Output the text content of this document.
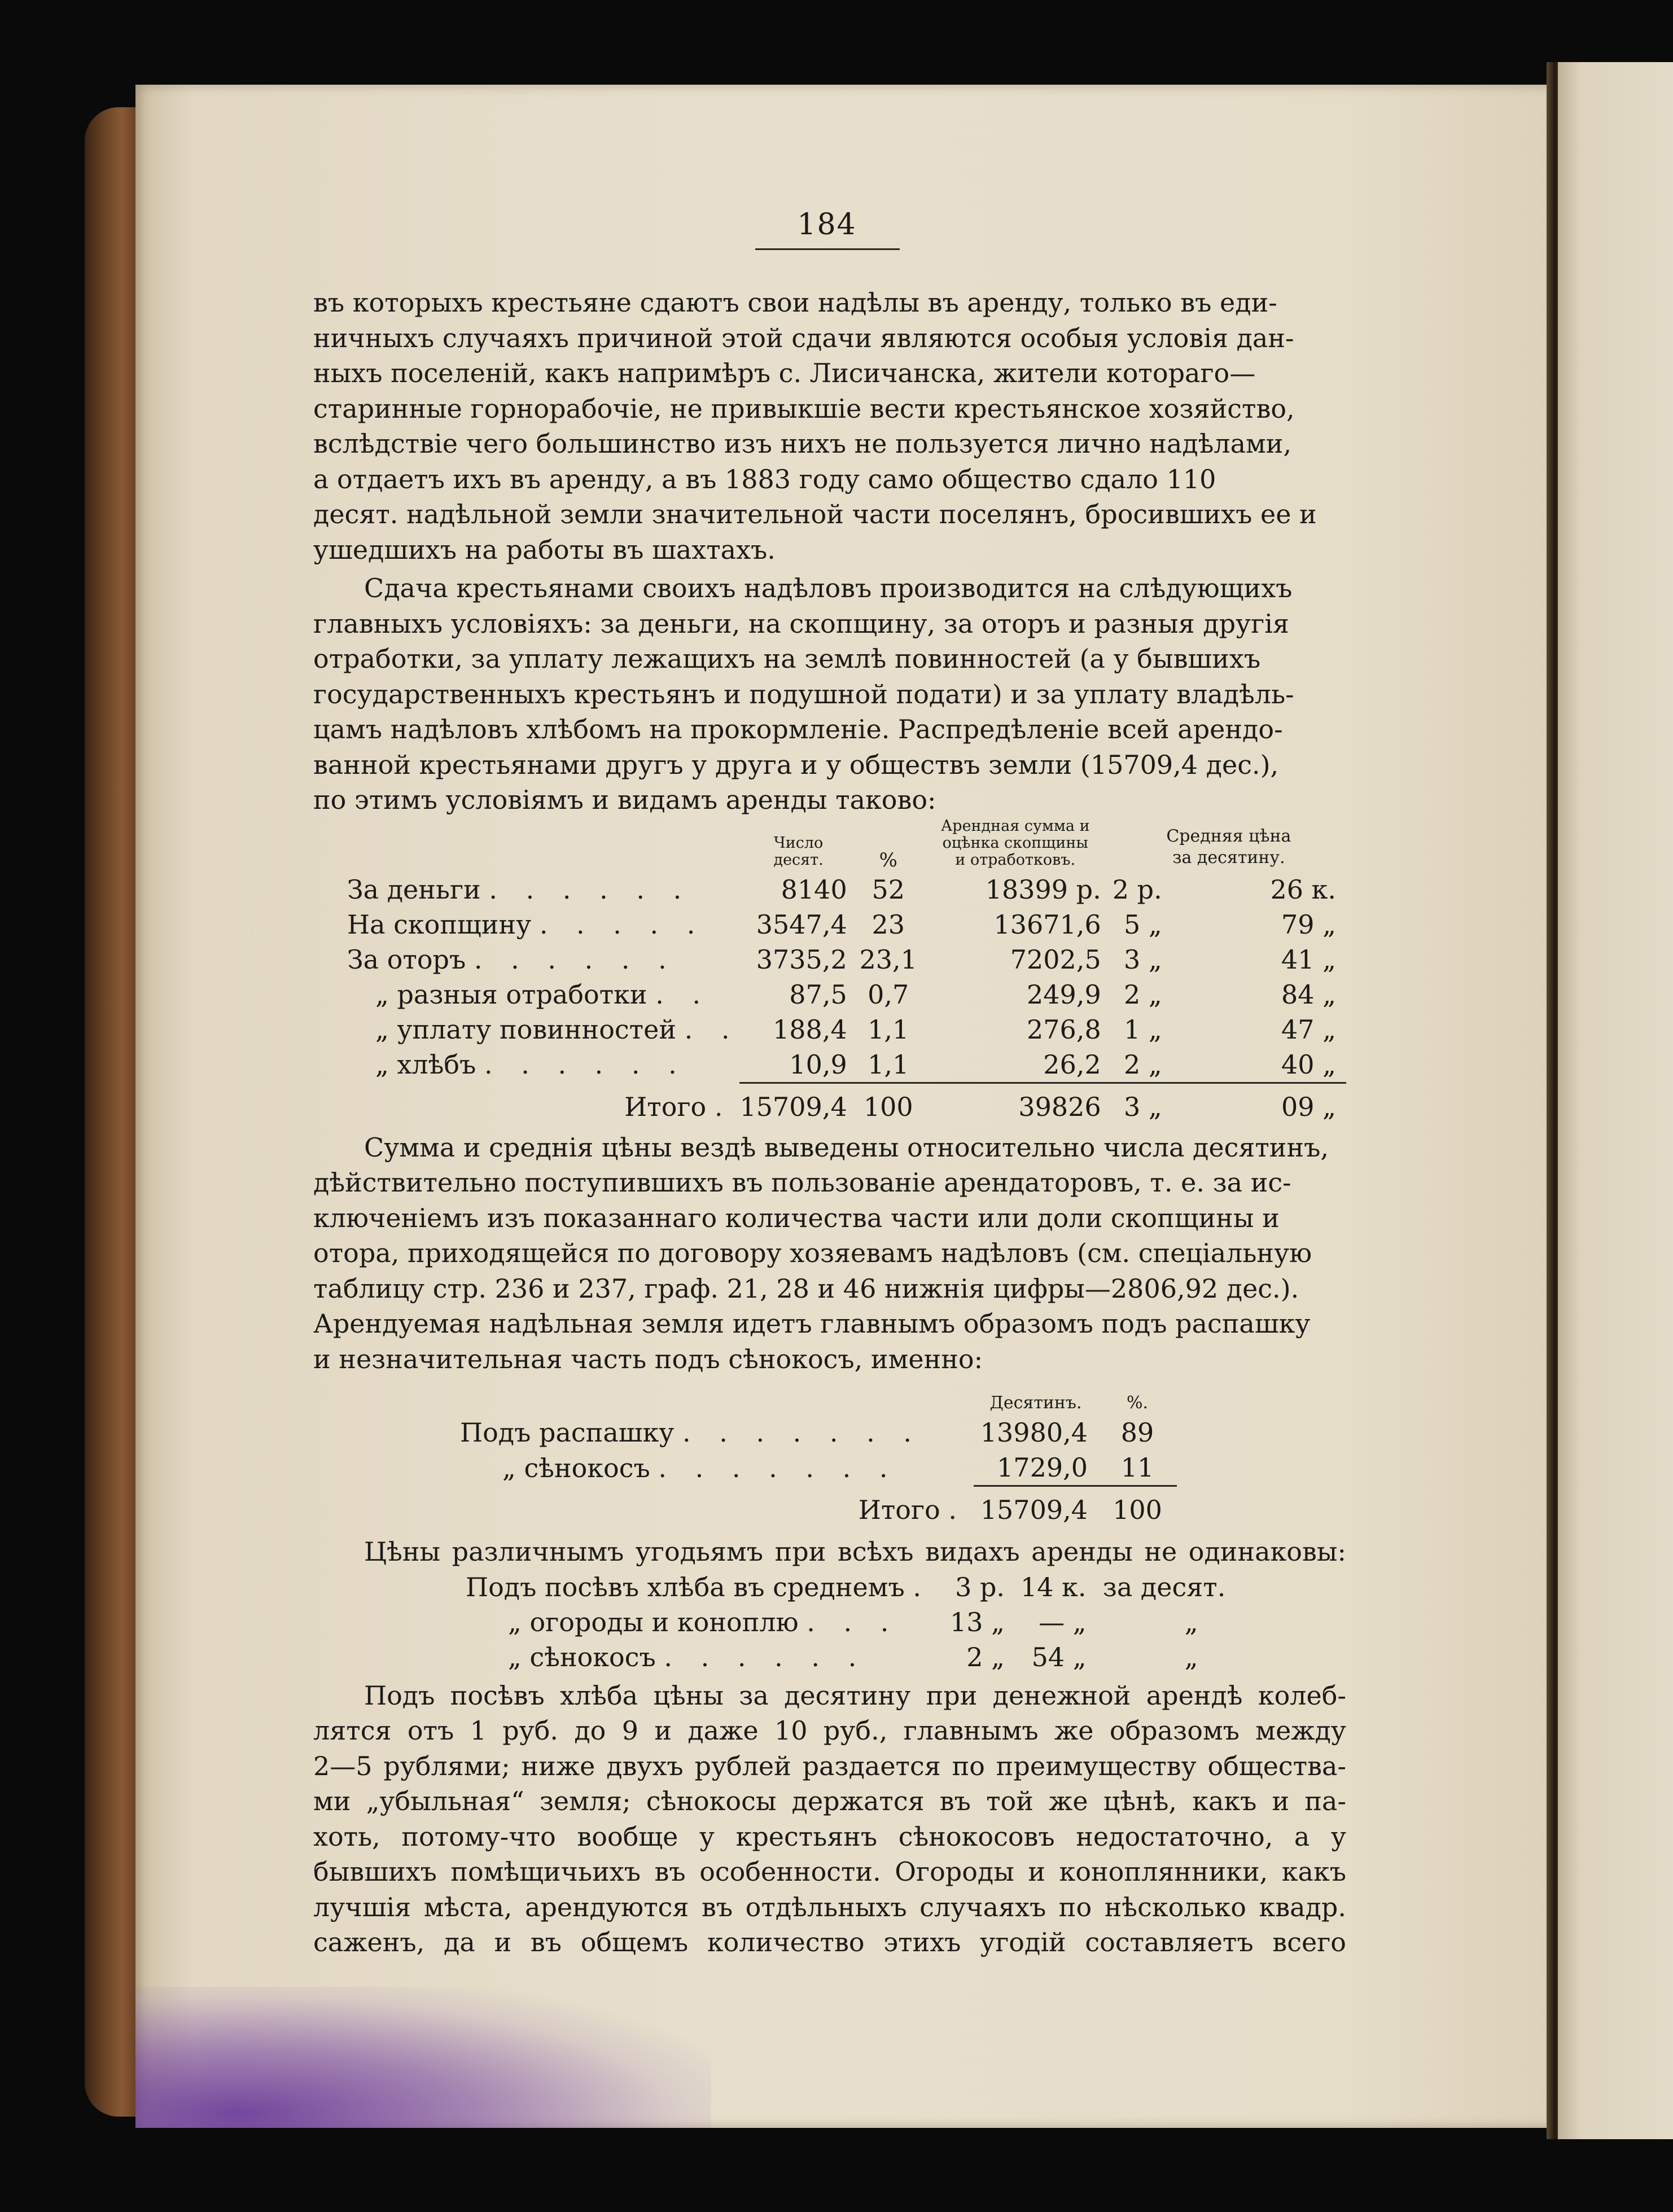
184

въ которыхъ крестьяне сдаютъ свои надѣлы въ аренду, только въ еди-
ничныхъ случаяхъ причиной этой сдачи являются особыя условія дан-
ныхъ поселеній, какъ напримѣръ с. Лисичанска, жители котораго—
старинные горнорабочіе, не привыкшіе вести крестьянское хозяйство,
вслѣдствіе чего большинство изъ нихъ не пользуется лично надѣлами,
а отдаетъ ихъ въ аренду, а въ 1883 году само общество сдало 110
десят. надѣльной земли значительной части поселянъ, бросившихъ ее и
ушедшихъ на работы въ шахтахъ.

Сдача крестьянами своихъ надѣловъ производится на слѣдующихъ
главныхъ условіяхъ: за деньги, на скопщину, за оторъ и разныя другія
отработки, за уплату лежащихъ на землѣ повинностей (а у бывшихъ
государственныхъ крестьянъ и подушной подати) и за уплату владѣль-
цамъ надѣловъ хлѣбомъ на прокормленіе. Распредѣленіе всей арендо-
ванной крестьянами другъ у друга и у обществъ земли (15709,4 дес.),
по этимъ условіямъ и видамъ аренды таково:

	Число
десят.	%	Арендная сумма и
оцѣнка скопщины
и отработковъ.	Средняя цѣна
за десятину.	
За деньги . . . . . .	8140	52	18399 р.	2 р.	26 к.
На скопщину . . . . .	3547,4	23	13671,6	5 „	79 „
За оторъ . . . . . .	3735,2	23,1	7202,5	3 „	41 „
„ разныя отработки . .	87,5	0,7	249,9	2 „	84 „
„ уплату повинностей . .	188,4	1,1	276,8	1 „	47 „
„ хлѣбъ . . . . . .	10,9	1,1	26,2	2 „	40 „

Итого .	15709,4	100	39826	3 „	09 „

Сумма и среднія цѣны вездѣ выведены относительно числа десятинъ,
дѣйствительно поступившихъ въ пользованіе арендаторовъ, т. е. за ис-
ключеніемъ изъ показаннаго количества части или доли скопщины и
отора, приходящейся по договору хозяевамъ надѣловъ (см. спеціальную
таблицу стр. 236 и 237, граф. 21, 28 и 46 нижнія цифры—2806,92 дес.).
Арендуемая надѣльная земля идетъ главнымъ образомъ подъ распашку
и незначительная часть подъ сѣнокосъ, именно:

	Десятинъ.	%.
Подъ распашку . . . . . . .	13980,4	89
„ сѣнокосъ . . . . . . .	1729,0	11

Итого .	15709,4	100

Цѣны различнымъ угодьямъ при всѣхъ видахъ аренды не одинаковы:

Подъ посѣвъ хлѣба въ среднемъ .	3 р.	14 к.	за десят.
„ огороды и коноплю . . .	13 „	— „	„
„ сѣнокосъ . . . . . .	2 „	54 „	„

Подъ посѣвъ хлѣба цѣны за десятину при денежной арендѣ колеб-
лятся отъ 1 руб. до 9 и даже 10 руб., главнымъ же образомъ между
2—5 рублями; ниже двухъ рублей раздается по преимуществу общества-
ми „убыльная“ земля; сѣнокосы держатся въ той же цѣнѣ, какъ и па-
хоть, потому-что вообще у крестьянъ сѣнокосовъ недостаточно, а у
бывшихъ помѣщичьихъ въ особенности. Огороды и коноплянники, какъ
лучшія мѣста, арендуются въ отдѣльныхъ случаяхъ по нѣсколько квадр.
саженъ, да и въ общемъ количество этихъ угодій составляетъ всего
